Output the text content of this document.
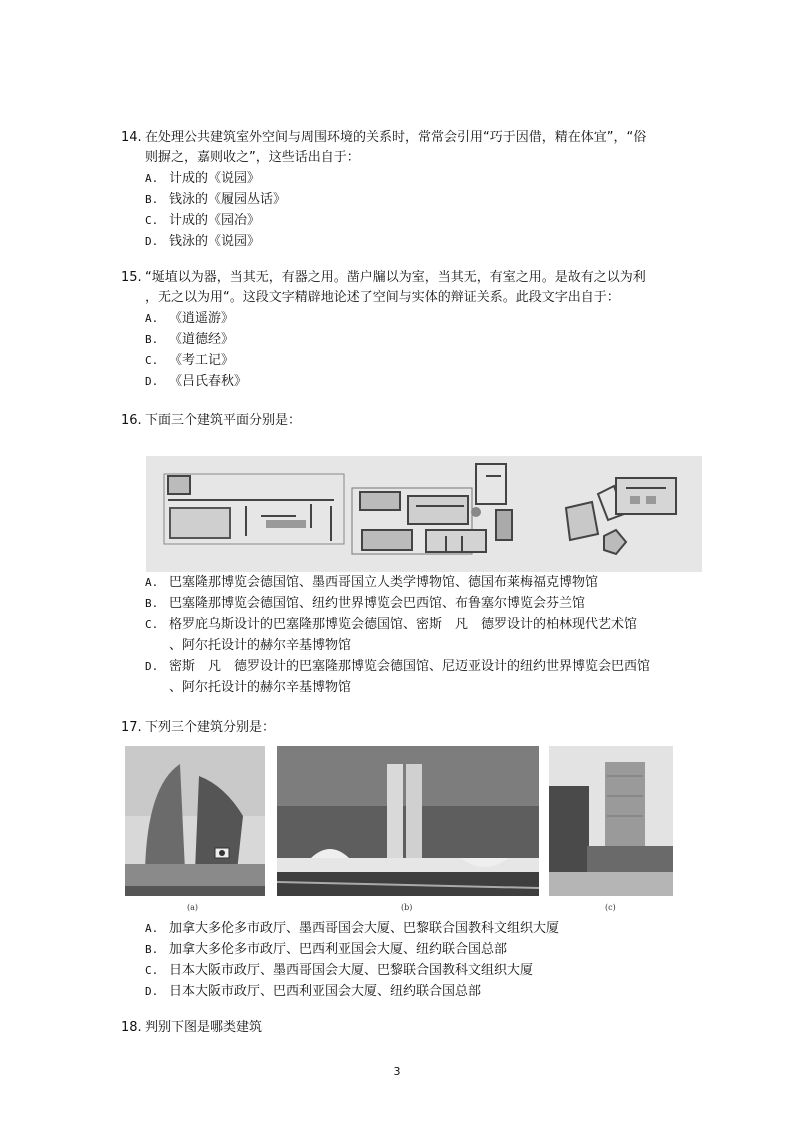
14. 在处理公共建筑室外空间与周围环境的关系时，常常会引用“巧于因借，精在体宜”，“俗
则摒之，嘉则收之”，这些话出自于：
A. 计成的《说园》
B. 钱泳的《履园丛话》
C. 计成的《园冶》
D. 钱泳的《说园》
15. “埏埴以为器，当其无，有器之用。凿户牖以为室，当其无，有室之用。是故有之以为利
，无之以为用“。这段文字精辟地论述了空间与实体的辩证关系。此段文字出自于：
A. 《逍遥游》
B. 《道德经》
C. 《考工记》
D. 《吕氏春秋》
16. 下面三个建筑平面分别是：
A. 巴塞隆那博览会德国馆、墨西哥国立人类学博物馆、德国布莱梅福克博物馆
B. 巴塞隆那博览会德国馆、纽约世界博览会巴西馆、布鲁塞尔博览会芬兰馆
C. 格罗庇乌斯设计的巴塞隆那博览会德国馆、密斯　凡　德罗设计的柏林现代艺术馆
、阿尔托设计的赫尔辛基博物馆
D. 密斯　凡　德罗设计的巴塞隆那博览会德国馆、尼迈亚设计的纽约世界博览会巴西馆
、阿尔托设计的赫尔辛基博物馆
17. 下列三个建筑分别是：
(a)	(b)	(c)
A. 加拿大多伦多市政厅、墨西哥国会大厦、巴黎联合国教科文组织大厦
B. 加拿大多伦多市政厅、巴西利亚国会大厦、纽约联合国总部
C. 日本大阪市政厅、墨西哥国会大厦、巴黎联合国教科文组织大厦
D. 日本大阪市政厅、巴西利亚国会大厦、纽约联合国总部
18. 判别下图是哪类建筑
3
